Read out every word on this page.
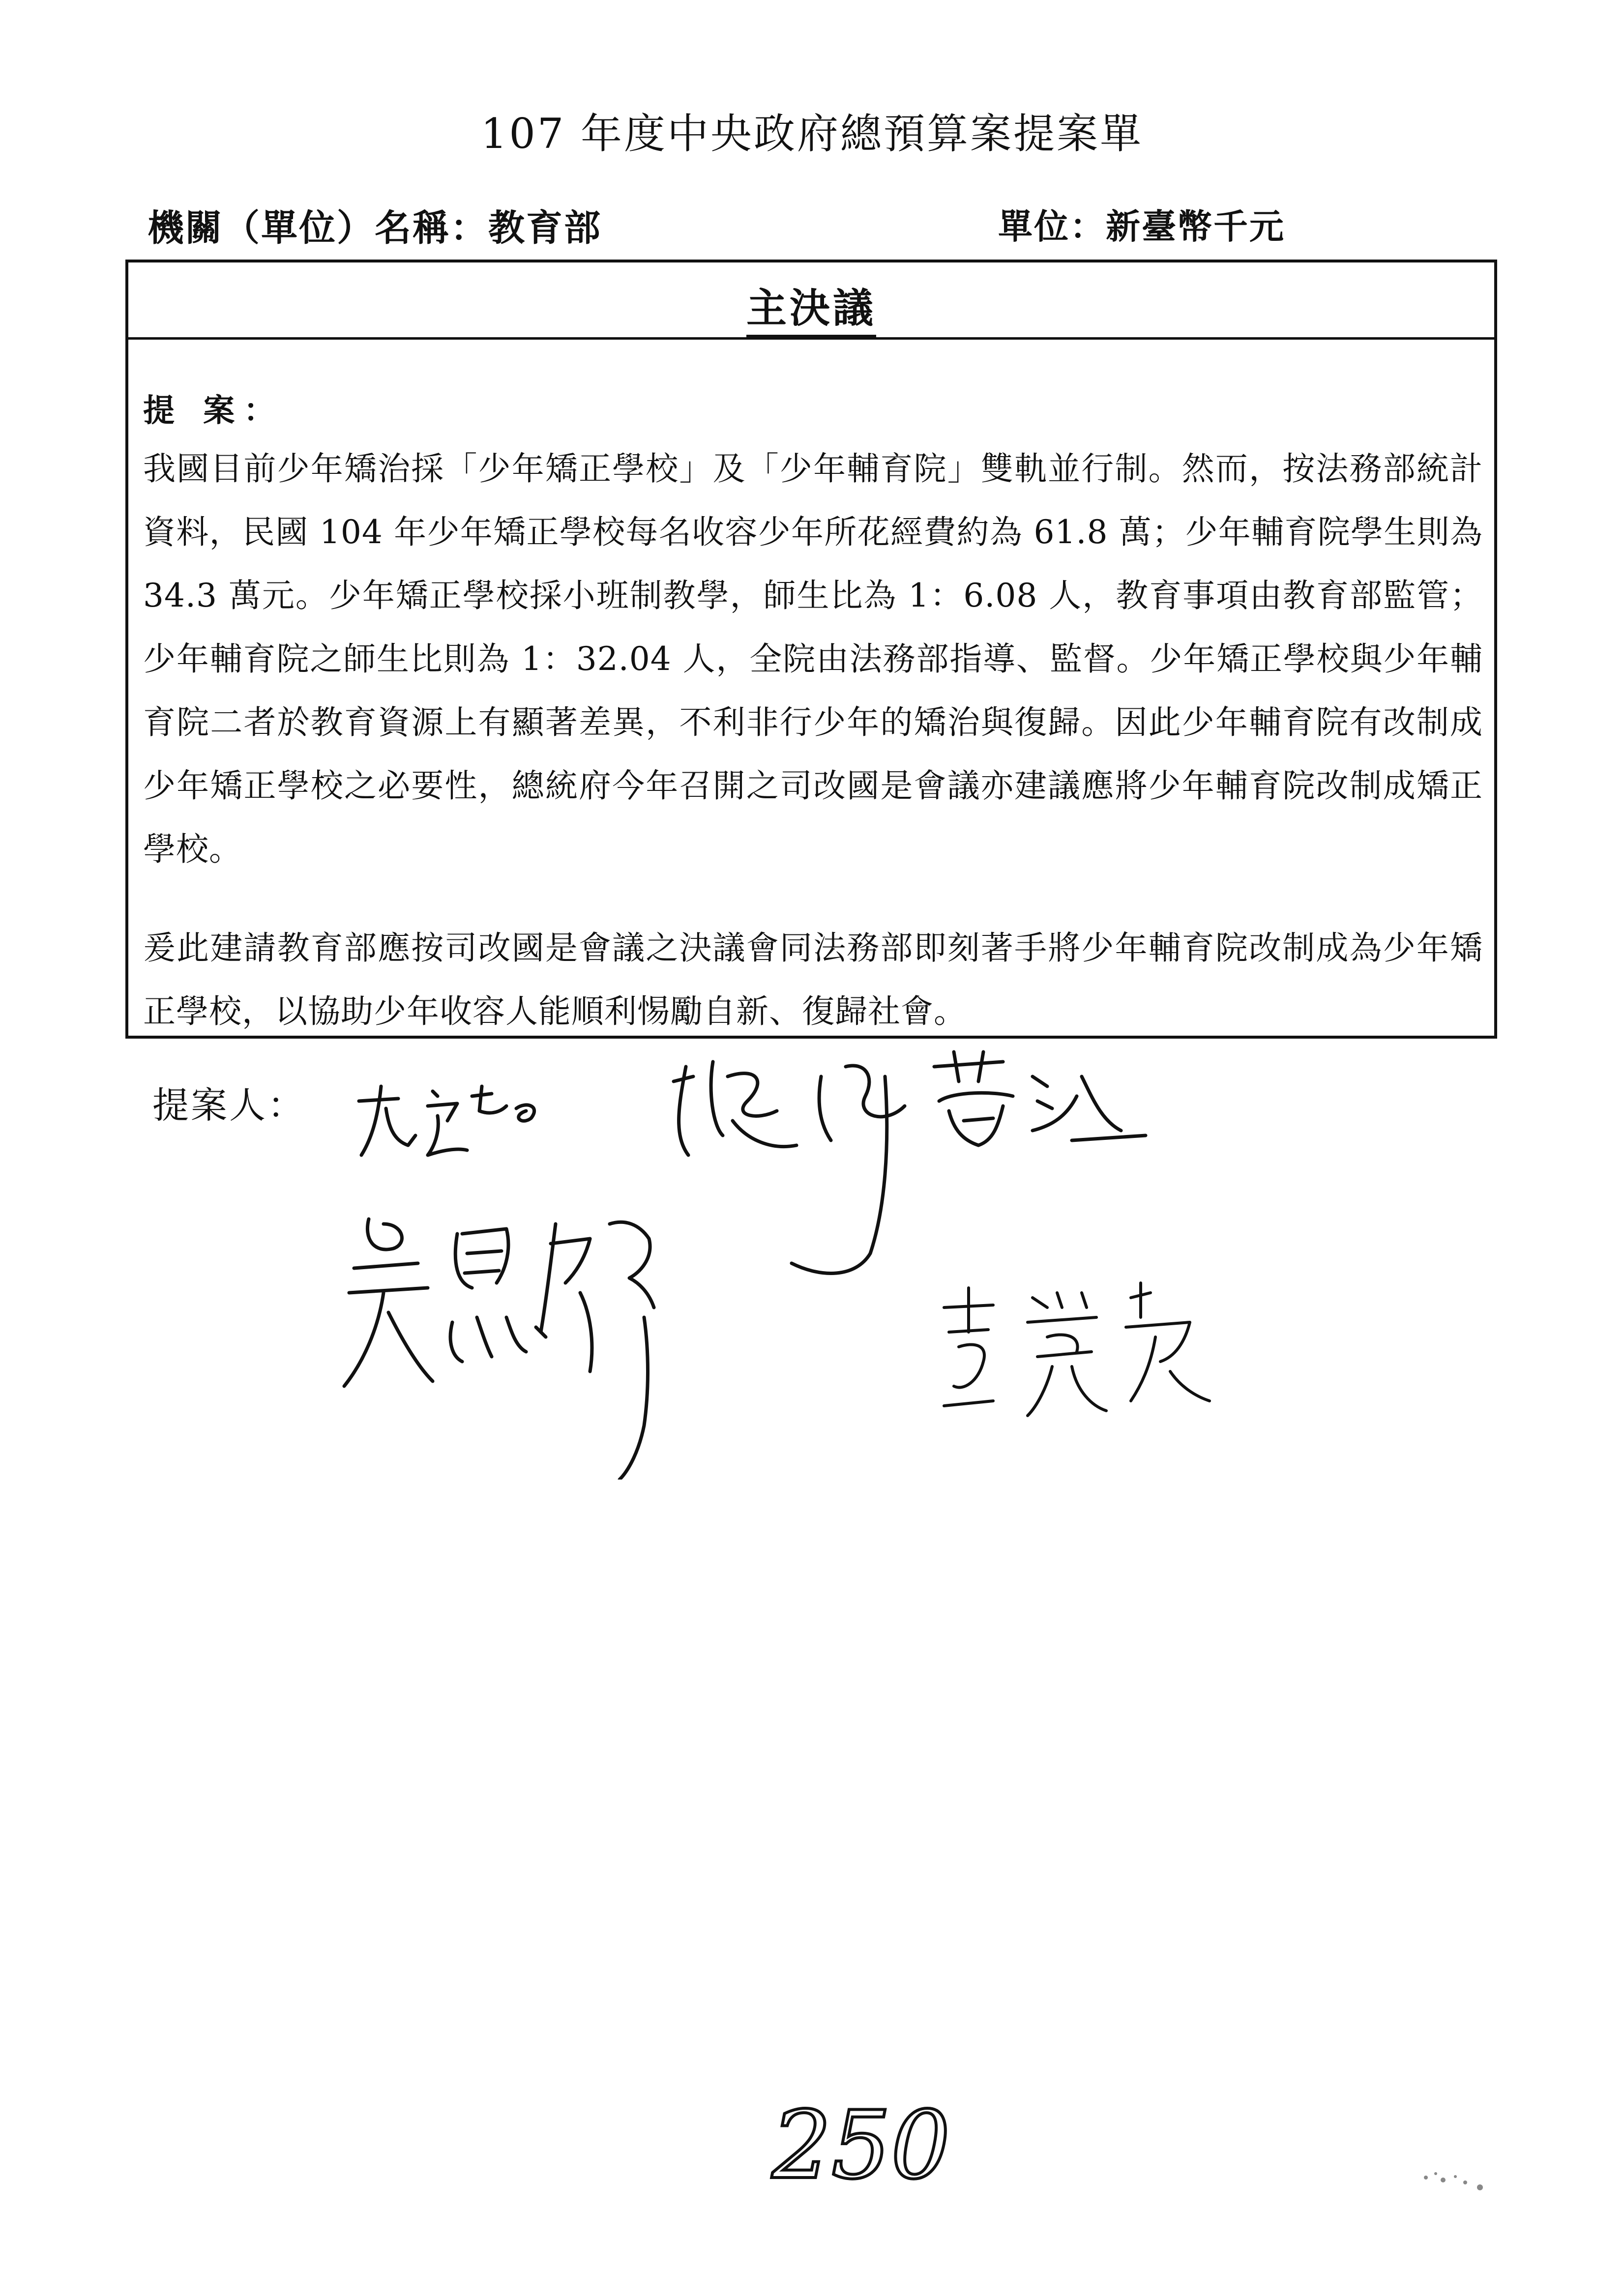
107 年度中央政府總預算案提案單
機關（單位）名稱：教育部	單位：新臺幣千元
主決議
提 案：
我國目前少年矯治採「少年矯正學校」及「少年輔育院」雙軌並行制。然而，按法務部統計資料，民國 104 年少年矯正學校每名收容少年所花經費約為 61.8 萬；少年輔育院學生則為 34.3 萬元。少年矯正學校採小班制教學，師生比為 1：6.08 人，教育事項由教育部監管；少年輔育院之師生比則為 1：32.04 人，全院由法務部指導、監督。少年矯正學校與少年輔育院二者於教育資源上有顯著差異，不利非行少年的矯治與復歸。因此少年輔育院有改制成少年矯正學校之必要性，總統府今年召開之司改國是會議亦建議應將少年輔育院改制成矯正學校。
爰此建請教育部應按司改國是會議之決議會同法務部即刻著手將少年輔育院改制成為少年矯正學校，以協助少年收容人能順利惕勵自新、復歸社會。
提案人：
250
